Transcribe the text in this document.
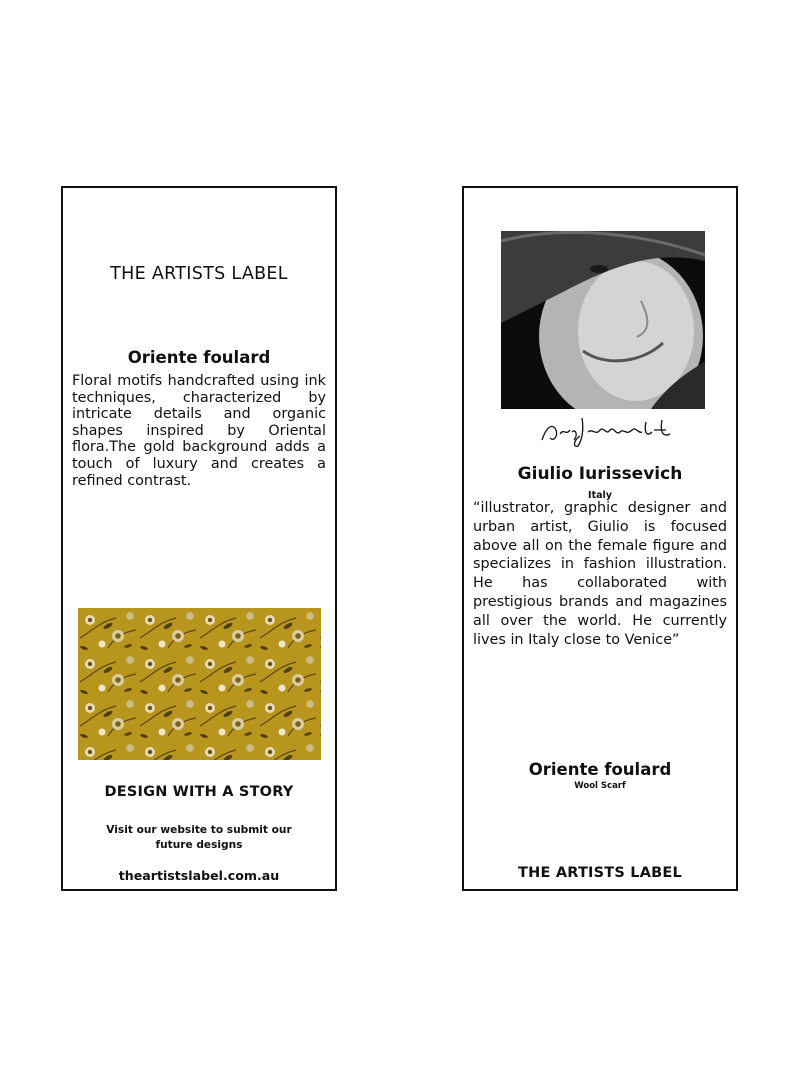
THE ARTISTS LABEL
Oriente foulard
Floral motifs handcrafted using ink techniques, characterized by intricate details and organic shapes inspired by Oriental flora.The gold background adds a touch of luxury and creates a refined contrast.
DESIGN WITH A STORY
Visit our website to submit our future designs
theartistslabel.com.au
Giulio Iurissevich
Italy
“illustrator, graphic designer and urban artist, Giulio is focused above all on the female figure and specializes in fashion illustration. He has collaborated with prestigious brands and magazines all over the world. He currently lives in Italy close to Venice”
Oriente foulard
Wool Scarf
THE ARTISTS LABEL
